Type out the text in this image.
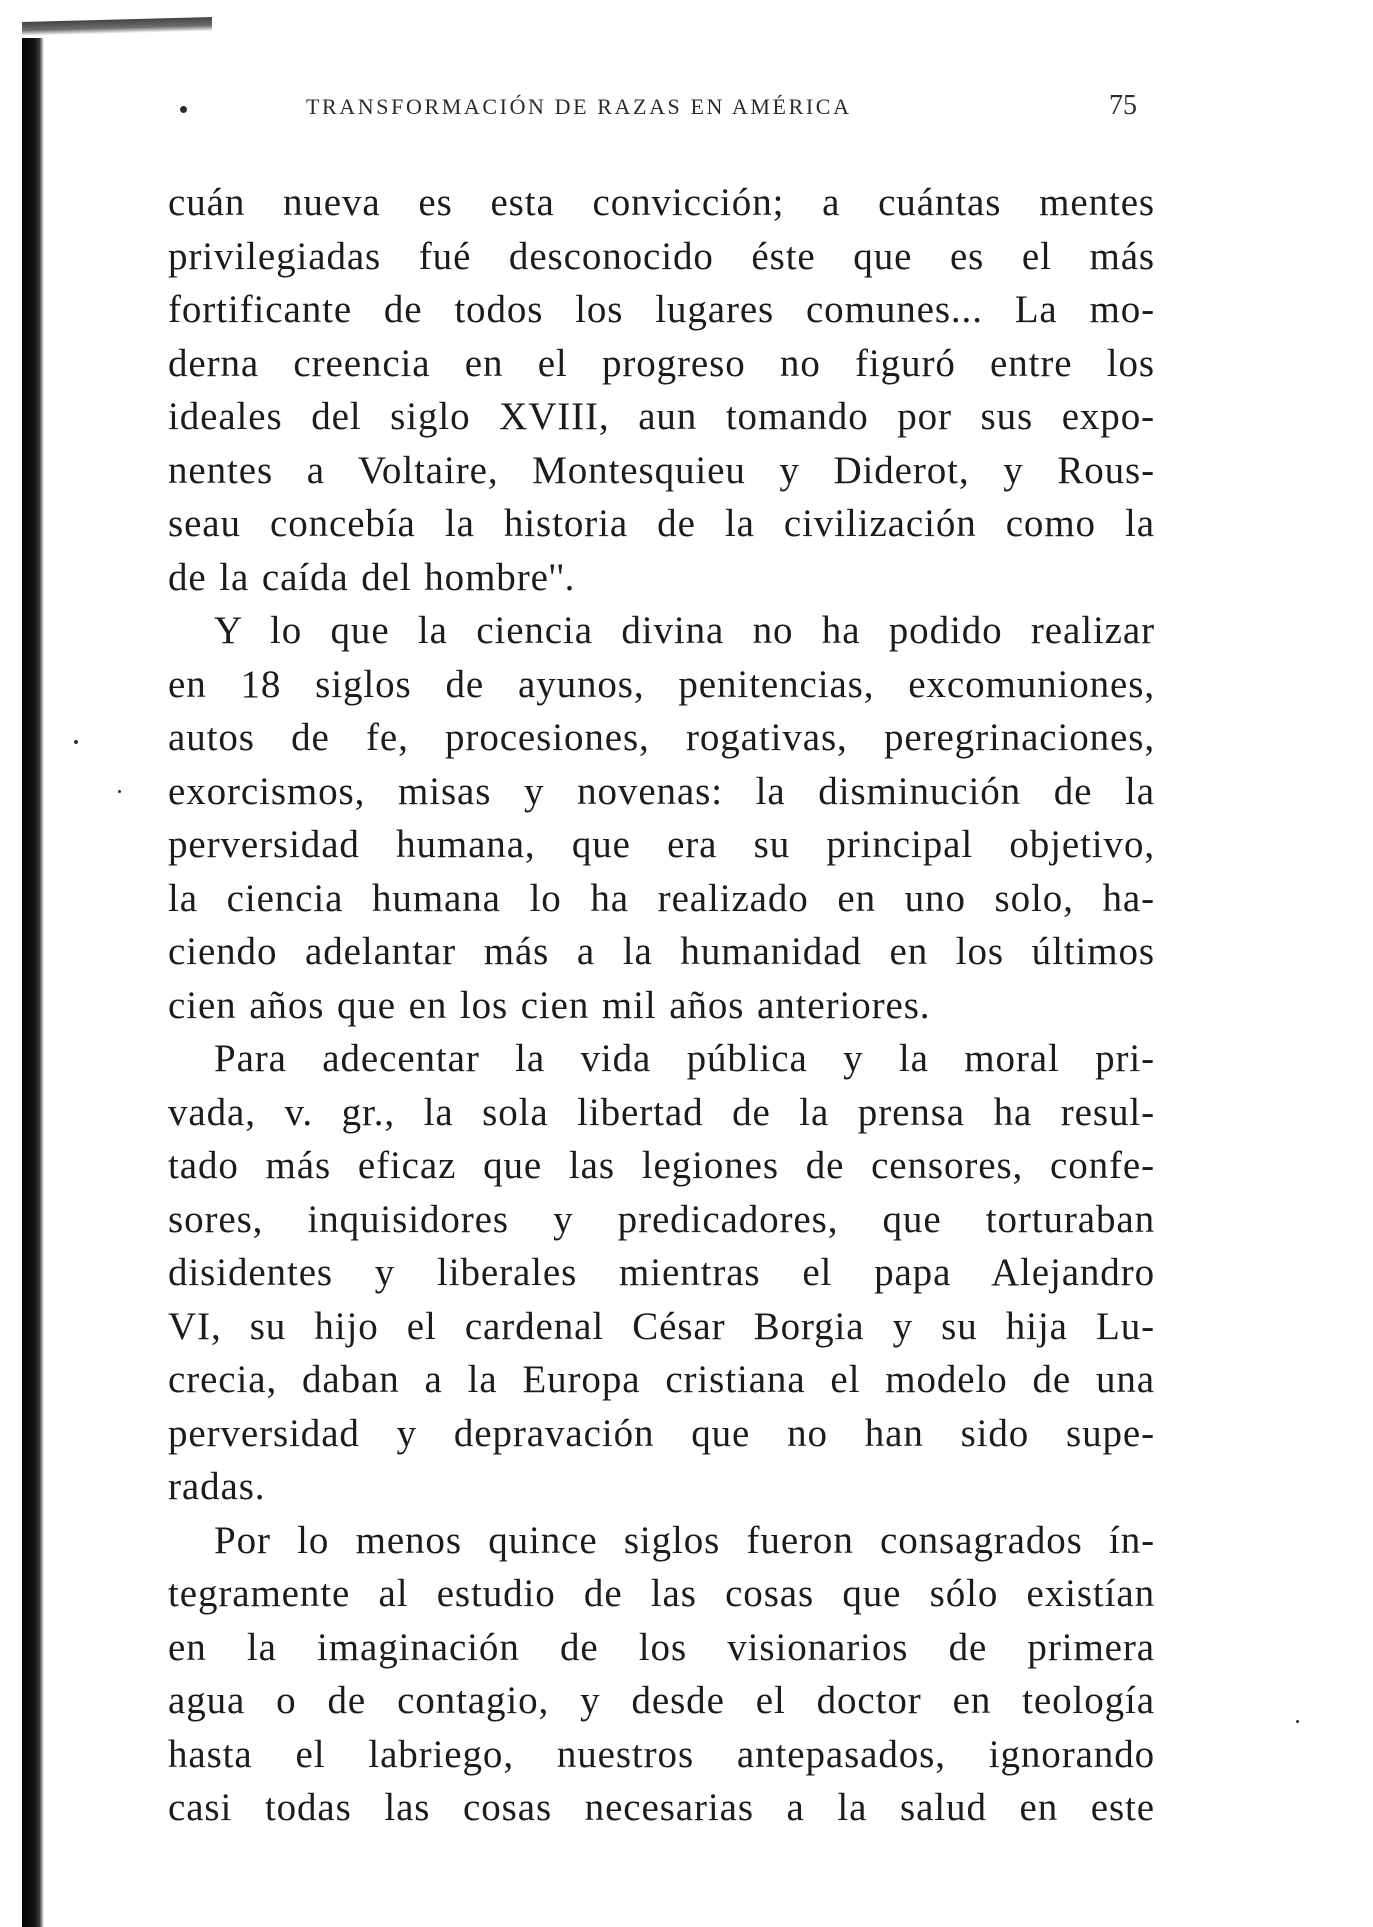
TRANSFORMACIÓN DE RAZAS EN AMÉRICA	75

cuán nueva es esta convicción; a cuántas mentes
privilegiadas fué desconocido éste que es el más
fortificante de todos los lugares comunes... La mo-
derna creencia en el progreso no figuró entre los
ideales del siglo XVIII, aun tomando por sus expo-
nentes a Voltaire, Montesquieu y Diderot, y Rous-
seau concebía la historia de la civilización como la
de la caída del hombre''.

Y lo que la ciencia divina no ha podido realizar
en 18 siglos de ayunos, penitencias, excomuniones,
autos de fe, procesiones, rogativas, peregrinaciones,
exorcismos, misas y novenas: la disminución de la
perversidad humana, que era su principal objetivo,
la ciencia humana lo ha realizado en uno solo, ha-
ciendo adelantar más a la humanidad en los últimos
cien años que en los cien mil años anteriores.

Para adecentar la vida pública y la moral pri-
vada, v. gr., la sola libertad de la prensa ha resul-
tado más eficaz que las legiones de censores, confe-
sores, inquisidores y predicadores, que torturaban
disidentes y liberales mientras el papa Alejandro
VI, su hijo el cardenal César Borgia y su hija Lu-
crecia, daban a la Europa cristiana el modelo de una
perversidad y depravación que no han sido supe-
radas.

Por lo menos quince siglos fueron consagrados ín-
tegramente al estudio de las cosas que sólo existían
en la imaginación de los visionarios de primera
agua o de contagio, y desde el doctor en teología
hasta el labriego, nuestros antepasados, ignorando
casi todas las cosas necesarias a la salud en este
